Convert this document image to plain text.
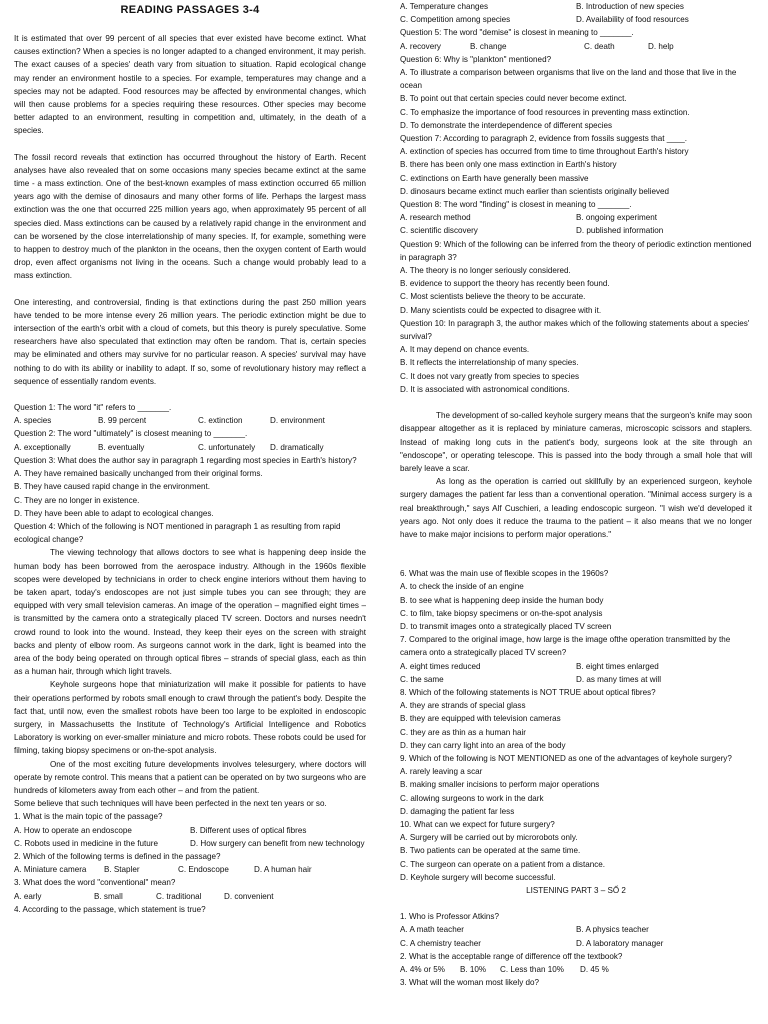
READING PASSAGES 3-4

It is estimated that over 99 percent of all species that ever existed have become extinct. What causes extinction? When a species is no longer adapted to a changed environment, it may perish. The exact causes of a species' death vary from situation to situation. Rapid ecological change may render an environment hostile to a species. For example, temperatures may change and a species may not be adapted. Food resources may be affected by environmental changes, which will then cause problems for a species requiring these resources. Other species may become better adapted to an environment, resulting in competition and, ultimately, in the death of a species.

The fossil record reveals that extinction has occurred throughout the history of Earth. Recent analyses have also revealed that on some occasions many species became extinct at the same time - a mass extinction. One of the best-known examples of mass extinction occurred 65 million years ago with the demise of dinosaurs and many other forms of life. Perhaps the largest mass extinction was the one that occurred 225 million years ago, when approximately 95 percent of all species died. Mass extinctions can be caused by a relatively rapid change in the environment and can be worsened by the close interrelationship of many species. If, for example, something were to happen to destroy much of the plankton in the oceans, then the oxygen content of Earth would drop, even affect organisms not living in the oceans. Such a change would probably lead to a mass extinction.

One interesting, and controversial, finding is that extinctions during the past 250 million years have tended to be more intense every 26 million years. The periodic extinction might be due to intersection of the earth's orbit with a cloud of comets, but this theory is purely speculative. Some researchers have also speculated that extinction may often be random. That is, certain species may be eliminated and others may survive for no particular reason. A species' survival may have nothing to do with its ability or inability to adapt. If so, some of revolutionary history may reflect a sequence of essentially random events.

Question 1: The word "it" refers to _______.

A. species	B. 99 percent	C. extinction	D. environment

Question 2: The word "ultimately" is closest meaning to _______.

A. exceptionally	B. eventually	C. unfortunately	D. dramatically

Question 3: What does the author say in paragraph 1 regarding most species in Earth's history?

A. They have remained basically unchanged from their original forms.

B. They have caused rapid change in the environment.

C. They are no longer in existence.

D. They have been able to adapt to ecological changes.

Question 4: Which of the following is NOT mentioned in paragraph 1 as resulting from rapid ecological change?

The viewing technology that allows doctors to see what is happening deep inside the human body has been borrowed from the aerospace industry. Although in the 1960s flexible scopes were developed by technicians in order to check engine interiors without them having to be taken apart, today's endoscopes are not just simple tubes you can see through; they are equipped with very small television cameras. An image of the operation – magnified eight times – is transmitted by the camera onto a strategically placed TV screen. Doctors and nurses needn't crowd round to look into the wound. Instead, they keep their eyes on the screen with straight backs and plenty of elbow room. As surgeons cannot work in the dark, light is beamed into the area of the body being operated on through optical fibres – strands of special glass, each as thin as a human hair, through which light travels.

Keyhole surgeons hope that miniaturization will make it possible for patients to have their operations performed by robots small enough to crawl through the patient's body. Despite the fact that, until now, even the smallest robots have been too large to be exploited in endoscopic surgery, in Massachusetts the Institute of Technology's Artificial Intelligence and Robotics Laboratory is working on ever-smaller miniature and micro robots. These robots could be used for filming, taking biopsy specimens or on-the-spot analysis.

One of the most exciting future developments involves telesurgery, where doctors will operate by remote control. This means that a patient can be operated on by two surgeons who are hundreds of kilometers away from each other – and from the patient.

Some believe that such techniques will have been perfected in the next ten years or so.

1. What is the main topic of the passage?

A. How to operate an endoscope	B. Different uses of optical fibres
C. Robots used in medicine in the future	D. How surgery can benefit from new technology

2. Which of the following terms is defined in the passage?

A. Miniature camera	B. Stapler	C. Endoscope	D. A human hair

3. What does the word "conventional" mean?

A. early	B. small	C. traditional	D. convenient

4. According to the passage, which statement is true?

A. Temperature changes	B. Introduction of new species
C. Competition among species	D. Availability of food resources

Question 5: The word "demise" is closest in meaning to _______.

A. recovery	B. change	C. death	D. help

Question 6: Why is "plankton" mentioned?

A. To illustrate a comparison between organisms that live on the land and those that live in the ocean

B. To point out that certain species could never become extinct.

C. To emphasize the importance of food resources in preventing mass extinction.

D. To demonstrate the interdependence of different species

Question 7: According to paragraph 2, evidence from fossils suggests that ____.

A. extinction of species has occurred from time to time throughout Earth's history

B. there has been only one mass extinction in Earth's history

C. extinctions on Earth have generally been massive

D. dinosaurs became extinct much earlier than scientists originally believed

Question 8: The word "finding" is closest in meaning to _______.

A. research method	B. ongoing experiment
C. scientific discovery	D. published information

Question 9: Which of the following can be inferred from the theory of periodic extinction mentioned in paragraph 3?

A. The theory is no longer seriously considered.

B. evidence to support the theory has recently been found.

C. Most scientists believe the theory to be accurate.

D. Many scientists could be expected to disagree with it.

Question 10: In paragraph 3, the author makes which of the following statements about a species' survival?

A. It may depend on chance events.

B. It reflects the interrelationship of many species.

C. It does not vary greatly from species to species

D. It is associated with astronomical conditions.

The development of so-called keyhole surgery means that the surgeon's knife may soon disappear altogether as it is replaced by miniature cameras, microscopic scissors and staplers. Instead of making long cuts in the patient's body, surgeons look at the site through an "endoscope", or operating telescope. This is passed into the body through a small hole that will barely leave a scar.

As long as the operation is carried out skillfully by an experienced surgeon, keyhole surgery damages the patient far less than a conventional operation. "Minimal access surgery is a real breakthrough," says Alf Cuschieri, a leading endoscopic surgeon. "I wish we'd developed it years ago. Not only does it reduce the trauma to the patient – it also means that we no longer have to make major incisions to perform major operations."

6. What was the main use of flexible scopes in the 1960s?

A. to check the inside of an engine

B. to see what is happening deep inside the human body

C. to film, take biopsy specimens or on-the-spot analysis

D. to transmit images onto a strategically placed TV screen

7. Compared to the original image, how large is the image ofthe operation transmitted by the camera onto a strategically placed TV screen?

A. eight times reduced	B. eight times enlarged
C. the same	D. as many times at will

8. Which of the following statements is NOT TRUE about optical fibres?

A. they are strands of special glass

B. they are equipped with television cameras

C. they are as thin as a human hair

D. they can carry light into an area of the body

9. Which of the following is NOT MENTIONED as one of the advantages of keyhole surgery?

A. rarely leaving a scar

B. making smaller incisions to perform major operations

C. allowing surgeons to work in the dark

D. damaging the patient far less

10. What can we expect for future surgery?

A. Surgery will be carried out by microrobots only.

B. Two patients can be operated at the same time.

C. The surgeon can operate on a patient from a distance.

D. Keyhole surgery will become successful.

LISTENING PART 3 – SỐ 2

1. Who is Professor Atkins?

A. A math teacher	B. A physics teacher
C. A chemistry teacher	D. A laboratory manager

2. What is the acceptable range of difference off the textbook?

A. 4% or 5%	B. 10%	C. Less than 10%	D. 45 %

3. What will the woman most likely do?
